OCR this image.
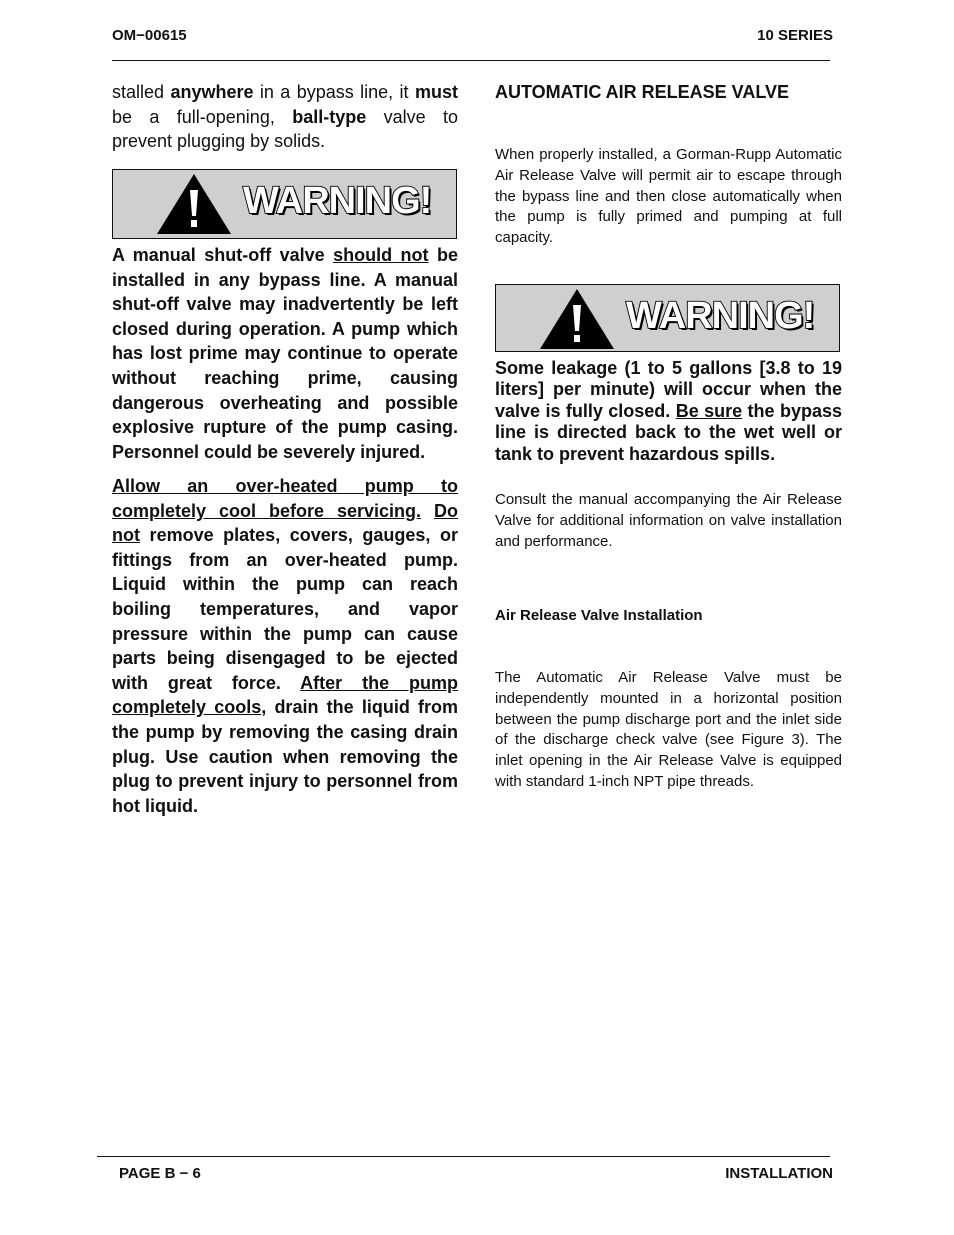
OM−00615	10 SERIES
stalled anywhere in a bypass line, it must be a full-opening, ball-type valve to prevent plugging by solids.
WARNING!
A manual shut-off valve should not be installed in any bypass line. A manual shut-off valve may inadvertently be left closed during operation. A pump which has lost prime may continue to operate without reaching prime, causing dangerous overheating and possible explosive rupture of the pump casing. Personnel could be severely injured.
Allow an over-heated pump to completely cool before servicing. Do not remove plates, covers, gauges, or fittings from an over-heated pump. Liquid within the pump can reach boiling temperatures, and vapor pressure within the pump can cause parts being disengaged to be ejected with great force. After the pump completely cools, drain the liquid from the pump by removing the casing drain plug. Use caution when removing the plug to prevent injury to personnel from hot liquid.
AUTOMATIC AIR RELEASE VALVE
When properly installed, a Gorman-Rupp Automatic Air Release Valve will permit air to escape through the bypass line and then close automatically when the pump is fully primed and pumping at full capacity.
WARNING!
Some leakage (1 to 5 gallons [3.8 to 19 liters] per minute) will occur when the valve is fully closed. Be sure the bypass line is directed back to the wet well or tank to prevent hazardous spills.
Consult the manual accompanying the Air Release Valve for additional information on valve installation and performance.
Air Release Valve Installation
The Automatic Air Release Valve must be independently mounted in a horizontal position between the pump discharge port and the inlet side of the discharge check valve (see Figure 3). The inlet opening in the Air Release Valve is equipped with standard 1-inch NPT pipe threads.
PAGE B − 6	INSTALLATION
